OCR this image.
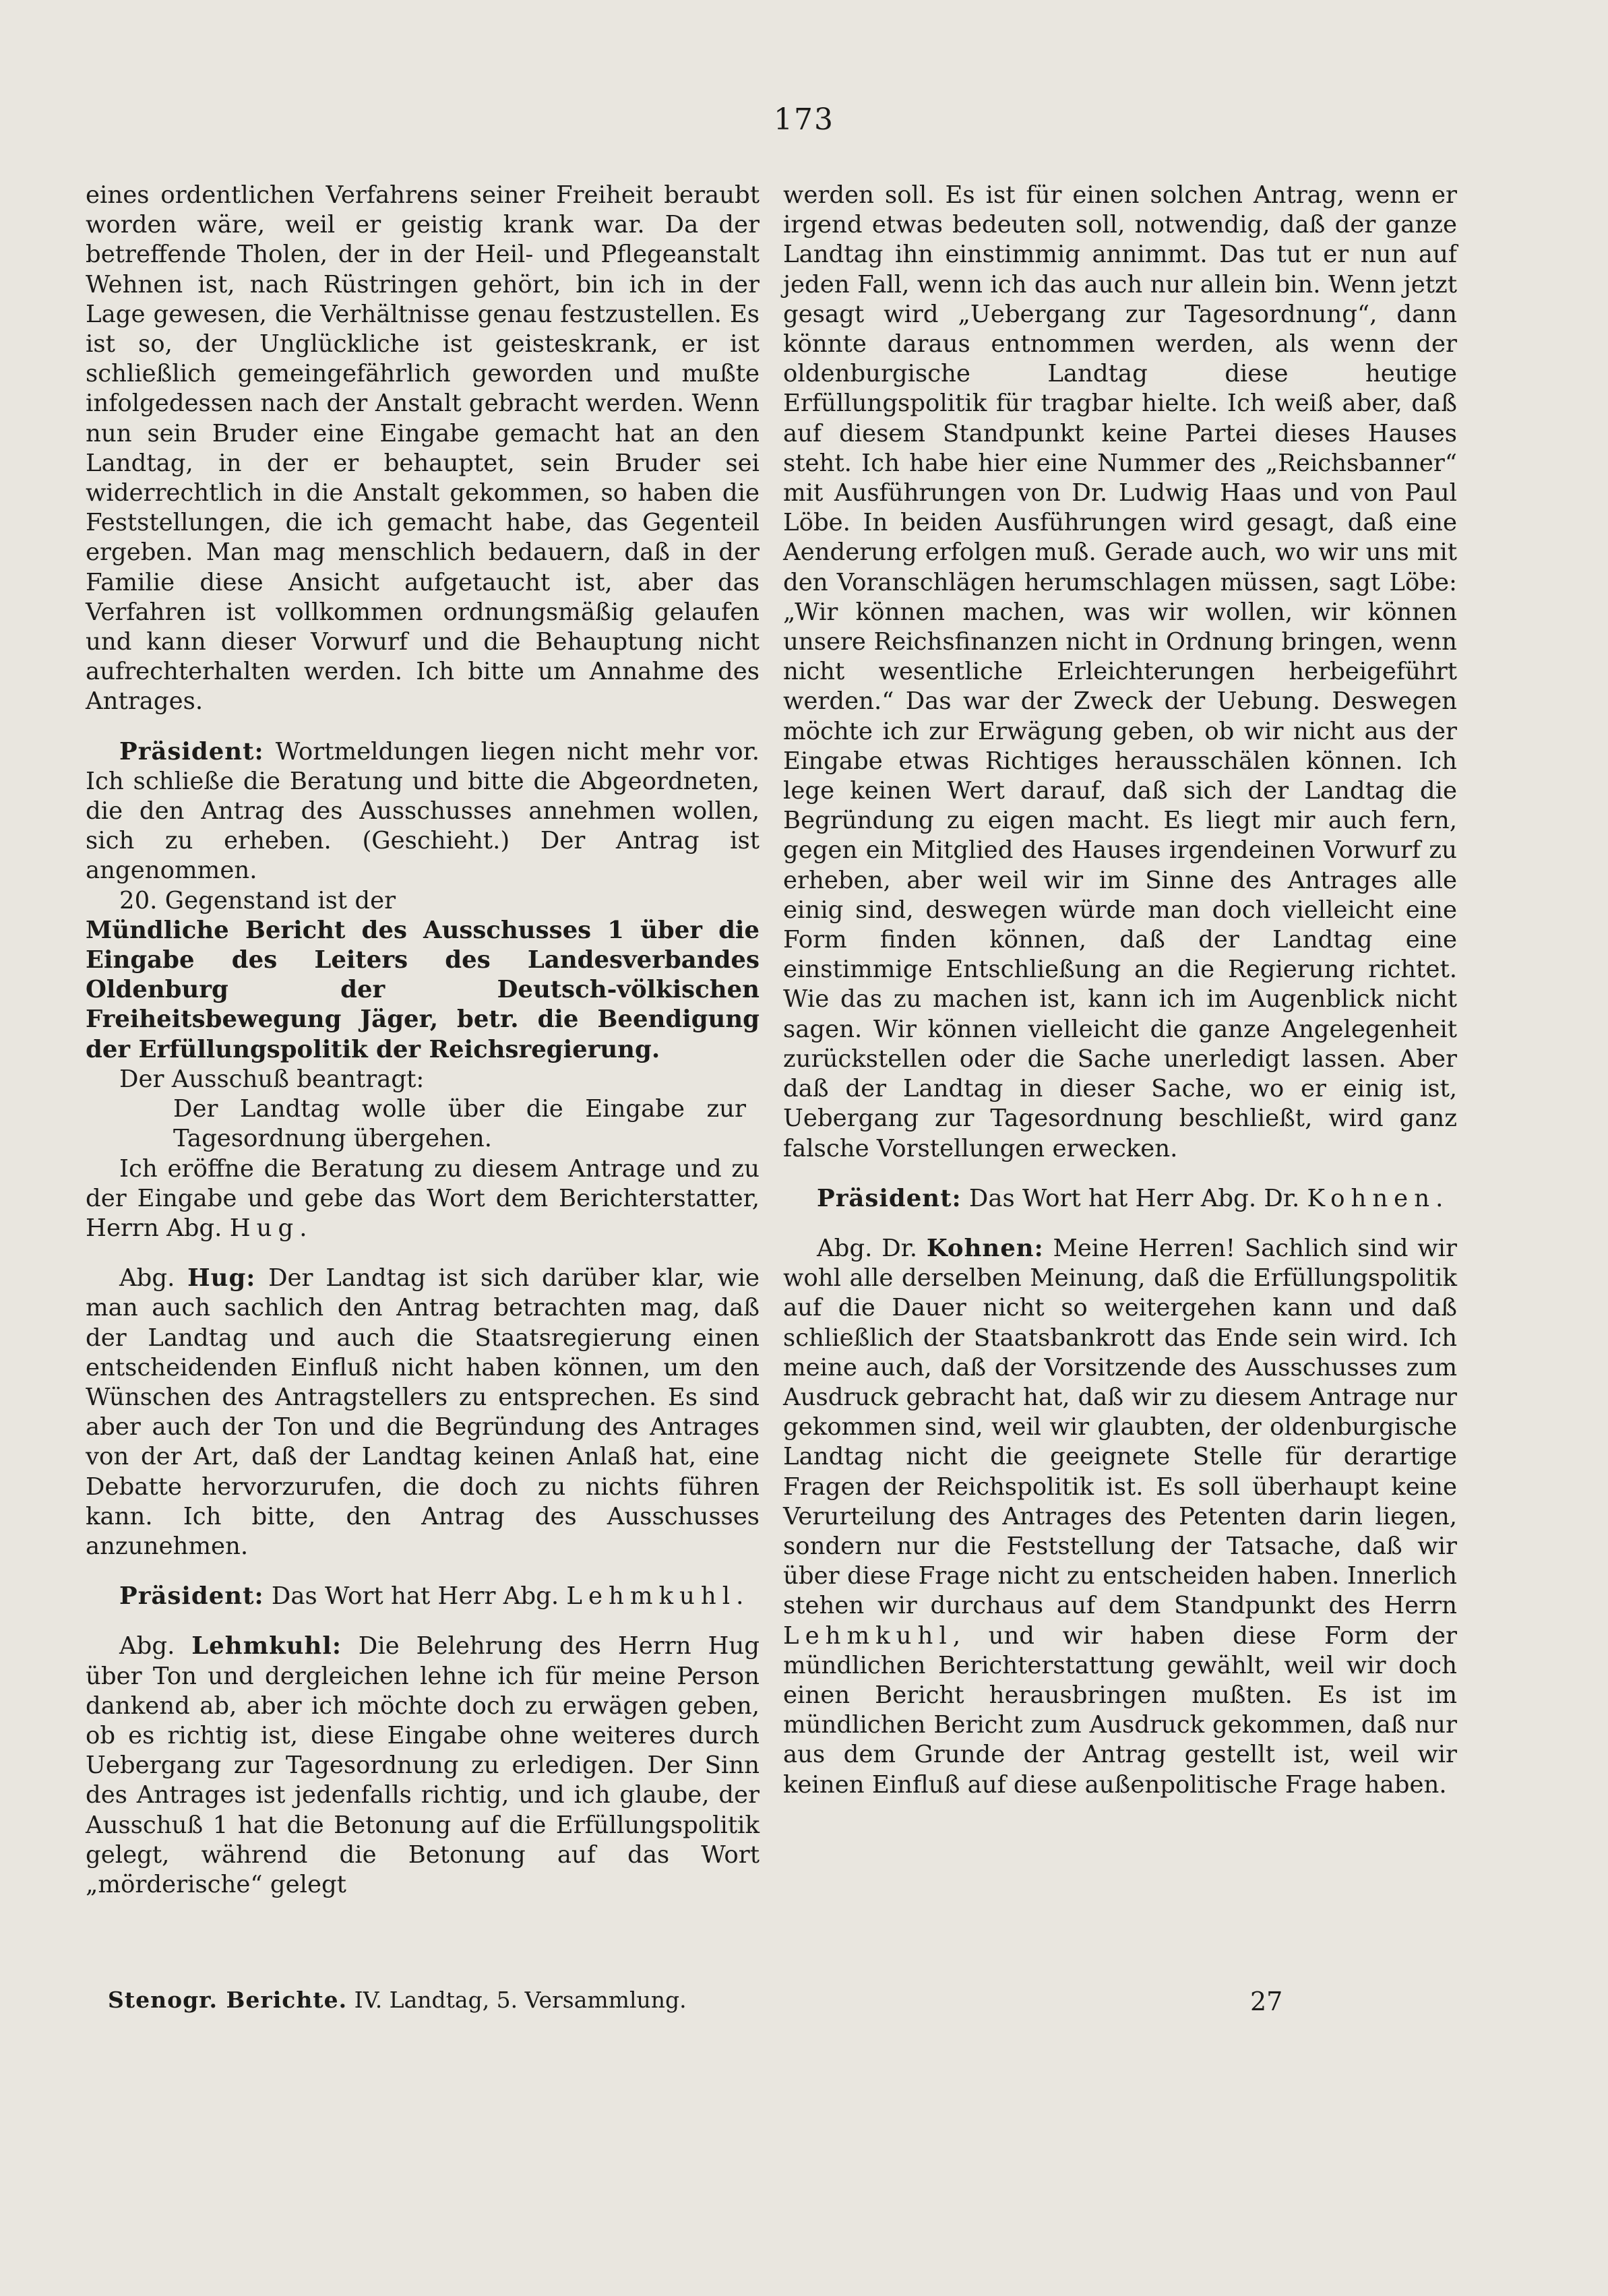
173

eines ordentlichen Verfahrens seiner Freiheit beraubt worden wäre, weil er geistig krank war. Da der betreffende Tholen, der in der Heil- und Pflegeanstalt Wehnen ist, nach Rüstringen gehört, bin ich in der Lage gewesen, die Verhältnisse genau festzustellen. Es ist so, der Unglückliche ist geisteskrank, er ist schließlich gemeingefährlich geworden und mußte infolgedessen nach der Anstalt gebracht werden. Wenn nun sein Bruder eine Eingabe gemacht hat an den Landtag, in der er behauptet, sein Bruder sei widerrechtlich in die Anstalt gekommen, so haben die Feststellungen, die ich gemacht habe, das Gegenteil ergeben. Man mag menschlich bedauern, daß in der Familie diese Ansicht aufgetaucht ist, aber das Verfahren ist vollkommen ordnungsmäßig gelaufen und kann dieser Vorwurf und die Behauptung nicht aufrechterhalten werden. Ich bitte um Annahme des Antrages.

Präsident: Wortmeldungen liegen nicht mehr vor. Ich schließe die Beratung und bitte die Abgeordneten, die den Antrag des Ausschusses annehmen wollen, sich zu erheben. (Geschieht.) Der Antrag ist angenommen.

20. Gegenstand ist der

Mündliche Bericht des Ausschusses 1 über die Eingabe des Leiters des Landesverbandes Oldenburg der Deutsch-völkischen Freiheitsbewegung Jäger, betr. die Beendigung der Erfüllungspolitik der Reichsregierung.

Der Ausschuß beantragt:

Der Landtag wolle über die Eingabe zur Tagesordnung übergehen.

Ich eröffne die Beratung zu diesem Antrage und zu der Eingabe und gebe das Wort dem Berichterstatter, Herrn Abg. Hug.

Abg. Hug: Der Landtag ist sich darüber klar, wie man auch sachlich den Antrag betrachten mag, daß der Landtag und auch die Staatsregierung einen entscheidenden Einfluß nicht haben können, um den Wünschen des Antragstellers zu entsprechen. Es sind aber auch der Ton und die Begründung des Antrages von der Art, daß der Landtag keinen Anlaß hat, eine Debatte hervorzurufen, die doch zu nichts führen kann. Ich bitte, den Antrag des Ausschusses anzunehmen.

Präsident: Das Wort hat Herr Abg. Lehmkuhl.

Abg. Lehmkuhl: Die Belehrung des Herrn Hug über Ton und dergleichen lehne ich für meine Person dankend ab, aber ich möchte doch zu erwägen geben, ob es richtig ist, diese Eingabe ohne weiteres durch Uebergang zur Tagesordnung zu erledigen. Der Sinn des Antrages ist jedenfalls richtig, und ich glaube, der Ausschuß 1 hat die Betonung auf die Erfüllungspolitik gelegt, während die Betonung auf das Wort „mörderische“ gelegt

werden soll. Es ist für einen solchen Antrag, wenn er irgend etwas bedeuten soll, notwendig, daß der ganze Landtag ihn einstimmig annimmt. Das tut er nun auf jeden Fall, wenn ich das auch nur allein bin. Wenn jetzt gesagt wird „Uebergang zur Tagesordnung“, dann könnte daraus entnommen werden, als wenn der oldenburgische Landtag diese heutige Erfüllungspolitik für tragbar hielte. Ich weiß aber, daß auf diesem Standpunkt keine Partei dieses Hauses steht. Ich habe hier eine Nummer des „Reichsbanner“ mit Ausführungen von Dr. Ludwig Haas und von Paul Löbe. In beiden Ausführungen wird gesagt, daß eine Aenderung erfolgen muß. Gerade auch, wo wir uns mit den Voranschlägen herumschlagen müssen, sagt Löbe: „Wir können machen, was wir wollen, wir können unsere Reichsfinanzen nicht in Ordnung bringen, wenn nicht wesentliche Erleichterungen herbeigeführt werden.“ Das war der Zweck der Uebung. Deswegen möchte ich zur Erwägung geben, ob wir nicht aus der Eingabe etwas Richtiges herausschälen können. Ich lege keinen Wert darauf, daß sich der Landtag die Begründung zu eigen macht. Es liegt mir auch fern, gegen ein Mitglied des Hauses irgendeinen Vorwurf zu erheben, aber weil wir im Sinne des Antrages alle einig sind, deswegen würde man doch vielleicht eine Form finden können, daß der Landtag eine einstimmige Entschließung an die Regierung richtet. Wie das zu machen ist, kann ich im Augenblick nicht sagen. Wir können vielleicht die ganze Angelegenheit zurückstellen oder die Sache unerledigt lassen. Aber daß der Landtag in dieser Sache, wo er einig ist, Uebergang zur Tagesordnung beschließt, wird ganz falsche Vorstellungen erwecken.

Präsident: Das Wort hat Herr Abg. Dr. Kohnen.

Abg. Dr. Kohnen: Meine Herren! Sachlich sind wir wohl alle derselben Meinung, daß die Erfüllungspolitik auf die Dauer nicht so weitergehen kann und daß schließlich der Staatsbankrott das Ende sein wird. Ich meine auch, daß der Vorsitzende des Ausschusses zum Ausdruck gebracht hat, daß wir zu diesem Antrage nur gekommen sind, weil wir glaubten, der oldenburgische Landtag nicht die geeignete Stelle für derartige Fragen der Reichspolitik ist. Es soll überhaupt keine Verurteilung des Antrages des Petenten darin liegen, sondern nur die Feststellung der Tatsache, daß wir über diese Frage nicht zu entscheiden haben. Innerlich stehen wir durchaus auf dem Standpunkt des Herrn Lehmkuhl, und wir haben diese Form der mündlichen Berichterstattung gewählt, weil wir doch einen Bericht herausbringen mußten. Es ist im mündlichen Bericht zum Ausdruck gekommen, daß nur aus dem Grunde der Antrag gestellt ist, weil wir keinen Einfluß auf diese außenpolitische Frage haben.

Stenogr. Berichte. IV. Landtag, 5. Versammlung.	27
